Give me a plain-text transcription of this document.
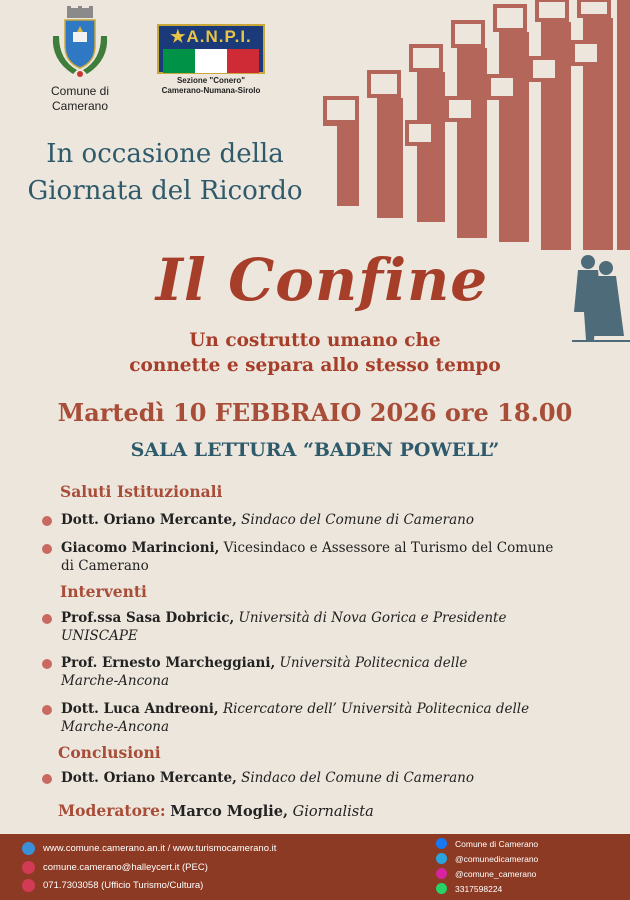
Comune di
Camerano
★A.N.P.I.
Sezione "Conero"
Camerano-Numana-Sirolo
In occasione della
Giornata del Ricordo
Il Confine
Un costrutto umano che
connette e separa allo stesso tempo
Martedì 10 FEBBRAIO 2026 ore 18.00
SALA LETTURA “BADEN POWELL”
Saluti Istituzionali
Dott. Oriano Mercante, Sindaco del Comune di Camerano
Giacomo Marincioni, Vicesindaco e Assessore al Turismo del Comune di Camerano
Interventi
Prof.ssa Sasa Dobricic, Università di Nova Gorica e Presidente UNISCAPE
Prof. Ernesto Marcheggiani, Università Politecnica delle Marche-Ancona
Dott. Luca Andreoni, Ricercatore dell’ Università Politecnica delle Marche-Ancona
Conclusioni
Dott. Oriano Mercante, Sindaco del Comune di Camerano
Moderatore: Marco Moglie, Giornalista
www.comune.camerano.an.it / www.turismocamerano.it
comune.camerano@halleycert.it (PEC)
071.7303058 (Ufficio Turismo/Cultura)
Comune di Camerano
@comunedicamerano
@comune_camerano
3317598224
